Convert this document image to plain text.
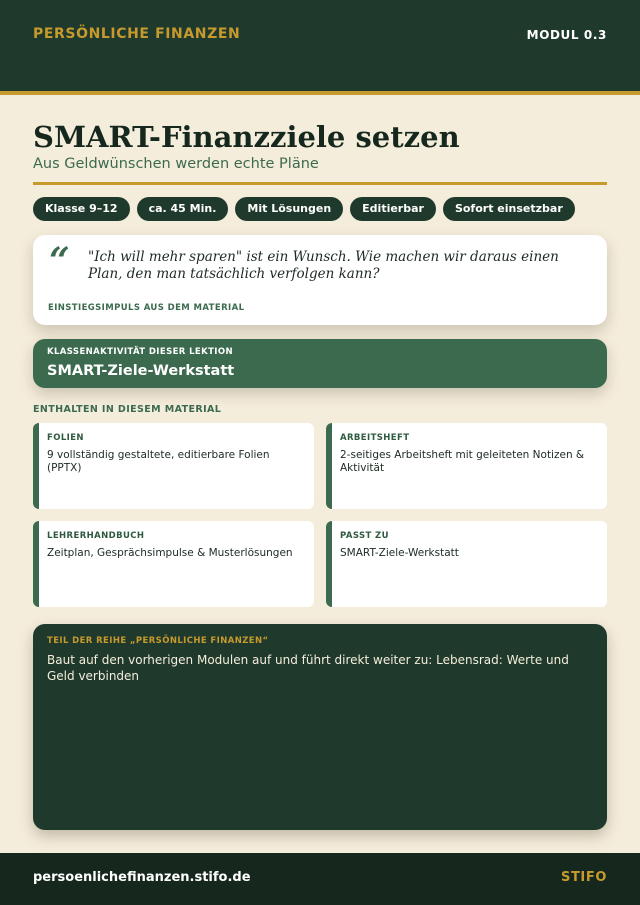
PERSÖNLICHE FINANZEN	MODUL 0.3
SMART-Finanzziele setzen
Aus Geldwünschen werden echte Pläne
Klasse 9–12	ca. 45 Min.	Mit Lösungen	Editierbar	Sofort einsetzbar
“ "Ich will mehr sparen" ist ein Wunsch. Wie machen wir daraus einen Plan, den man tatsächlich verfolgen kann?
EINSTIEGSIMPULS AUS DEM MATERIAL
KLASSENAKTIVITÄT DIESER LEKTION
SMART-Ziele-Werkstatt
ENTHALTEN IN DIESEM MATERIAL
FOLIEN
9 vollständig gestaltete, editierbare Folien (PPTX)
ARBEITSHEFT
2-seitiges Arbeitsheft mit geleiteten Notizen & Aktivität
LEHRERHANDBUCH
Zeitplan, Gesprächsimpulse & Musterlösungen
PASST ZU
SMART-Ziele-Werkstatt
TEIL DER REIHE „PERSÖNLICHE FINANZEN“
Baut auf den vorherigen Modulen auf und führt direkt weiter zu: Lebensrad: Werte und Geld verbinden
persoenlichefinanzen.stifo.de	STIFO
